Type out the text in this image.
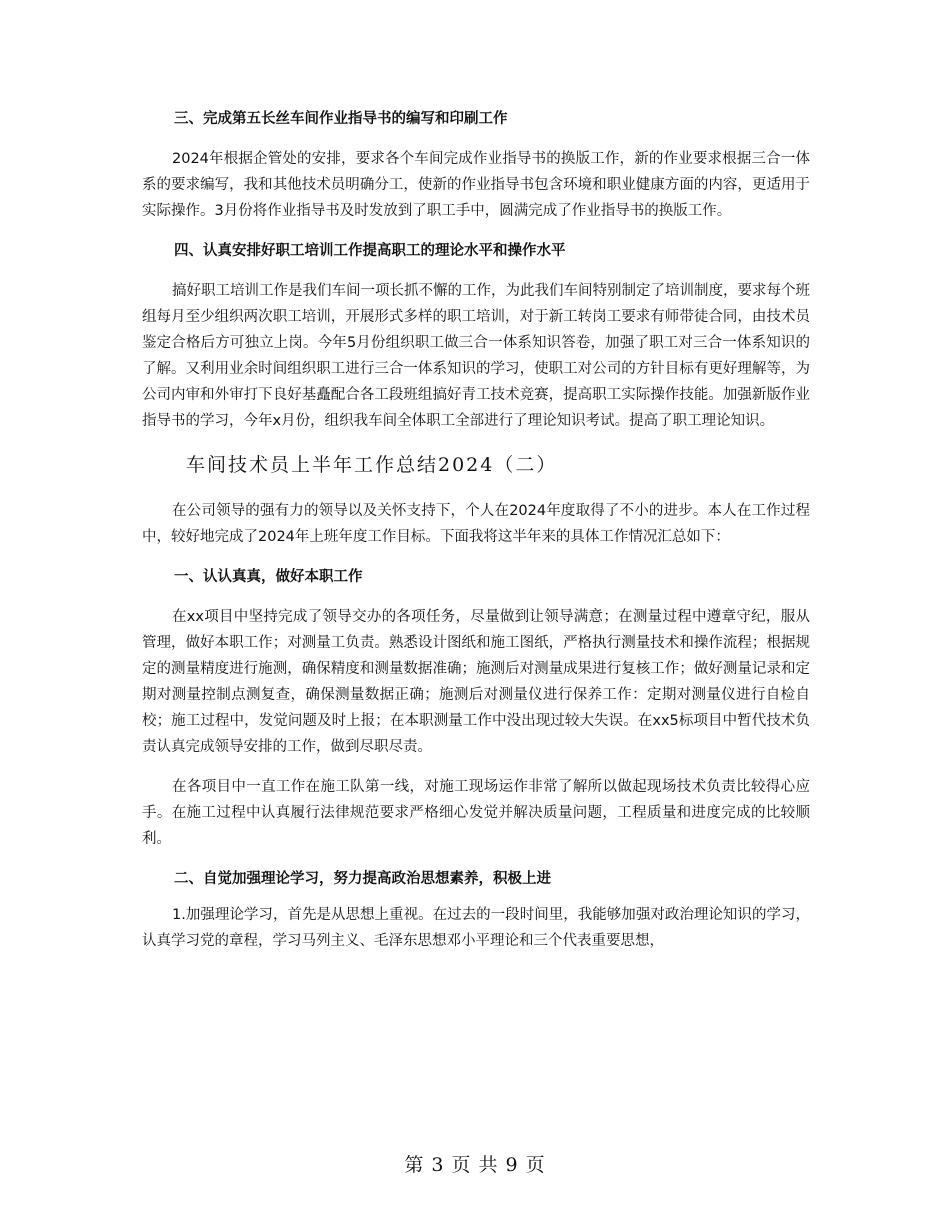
三、完成第五长丝车间作业指导书的编写和印刷工作

2024年根据企管处的安排，要求各个车间完成作业指导书的换版工作，新的作业要求根据三合一体系的要求编写，我和其他技术员明确分工，使新的作业指导书包含环境和职业健康方面的内容，更适用于实际操作。3月份将作业指导书及时发放到了职工手中，圆满完成了作业指导书的换版工作。

四、认真安排好职工培训工作提高职工的理论水平和操作水平

搞好职工培训工作是我们车间一项长抓不懈的工作，为此我们车间特别制定了培训制度，要求每个班组每月至少组织两次职工培训，开展形式多样的职工培训，对于新工转岗工要求有师带徒合同，由技术员鉴定合格后方可独立上岗。今年5月份组织职工做三合一体系知识答卷，加强了职工对三合一体系知识的了解。又利用业余时间组织职工进行三合一体系知识的学习，使职工对公司的方针目标有更好理解等，为公司内审和外审打下良好基矗配合各工段班组搞好青工技术竞赛，提高职工实际操作技能。加强新版作业指导书的学习，今年x月份，组织我车间全体职工全部进行了理论知识考试。提高了职工理论知识。

车间技术员上半年工作总结2024（二）

在公司领导的强有力的领导以及关怀支持下，个人在2024年度取得了不小的进步。本人在工作过程中，较好地完成了2024年上班年度工作目标。下面我将这半年来的具体工作情况汇总如下：

一、认认真真，做好本职工作

在xx项目中坚持完成了领导交办的各项任务，尽量做到让领导满意；在测量过程中遵章守纪，服从管理，做好本职工作；对测量工负责。熟悉设计图纸和施工图纸，严格执行测量技术和操作流程；根据规定的测量精度进行施测，确保精度和测量数据准确；施测后对测量成果进行复核工作；做好测量记录和定期对测量控制点测复查，确保测量数据正确；施测后对测量仪进行保养工作：定期对测量仪进行自检自校；施工过程中，发觉问题及时上报；在本职测量工作中没出现过较大失误。在xx5标项目中暂代技术负责认真完成领导安排的工作，做到尽职尽责。

在各项目中一直工作在施工队第一线，对施工现场运作非常了解所以做起现场技术负责比较得心应手。在施工过程中认真履行法律规范要求严格细心发觉并解决质量问题，工程质量和进度完成的比较顺利。

二、自觉加强理论学习，努力提高政治思想素养，积极上进

1.加强理论学习，首先是从思想上重视。在过去的一段时间里，我能够加强对政治理论知识的学习，认真学习党的章程，学习马列主义、毛泽东思想邓小平理论和三个代表重要思想，

第 3 页 共 9 页
